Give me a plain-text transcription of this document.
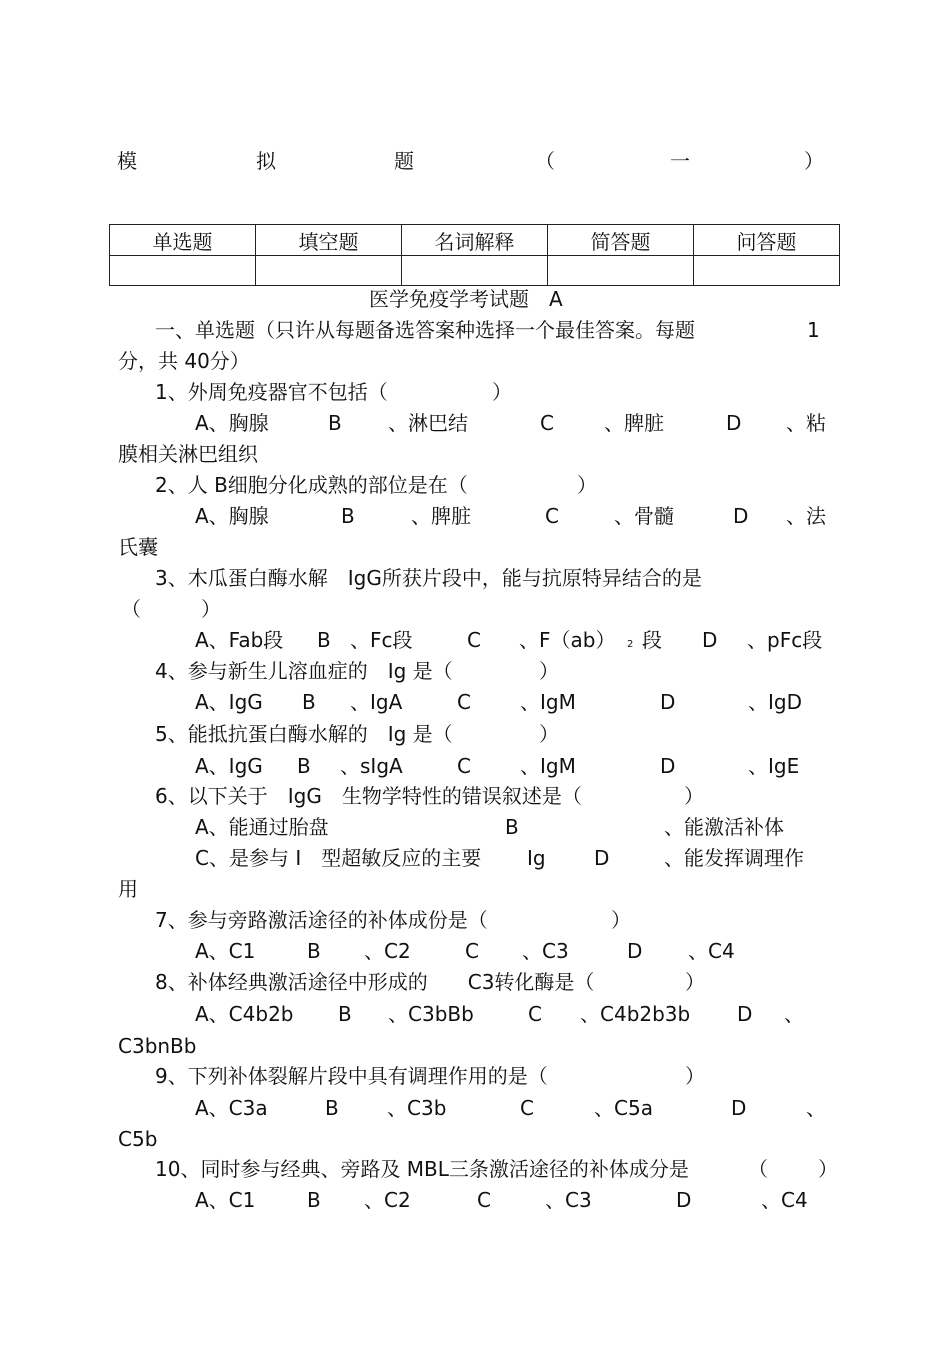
模	拟	题	（	一	）
单选题	填空题	名词解释	简答题	问答题

医学免疫学考试题　A
一、单选题（只许从每题备选答案种选择一个最佳答案。每题	1
分，共 40分）
1、外周免疫器官不包括（	）
A、胸腺	B 、淋巴结	C	、脾脏	D 、粘
膜相关淋巴组织
2、人 B细胞分化成熟的部位是在（	）
A、胸腺	B	、脾脏	C	、骨髓	D 、法
氏囊
3、木瓜蛋白酶水解　IgG所获片段中，能与抗原特异结合的是
（　　　）
A、Fab段 B 、Fc段	C 、F（ab） 2 段 D 、pFc段
4、参与新生儿溶血症的　Ig 是（	）
A、IgG B 、IgA	C 、IgM	D	、IgD
5、能抵抗蛋白酶水解的　Ig 是（	）
A、IgG B 、sIgA	C 、IgM	D	、IgE
6、以下关于　IgG　生物学特性的错误叙述是（	）
A、能通过胎盘	B	、能激活补体
C、是参与 I　型超敏反应的主要 Ig D	、能发挥调理作
用
7、参与旁路激活途径的补体成份是（	）
A、C1	B 、C2	C 、C3	D 、C4
8、补体经典激活途径中形成的　　C3转化酶是（	）
A、C4b2b B 、C3bBb	C 、C4b2b3b D 、
C3bnBb
9、下列补体裂解片段中具有调理作用的是（	）
A、C3a	B 、C3b	C	、C5a	D	、
C5b
10、同时参与经典、旁路及 MBL三条激活途径的补体成分是	（	）
A、C1	B 、C2	C	、C3	D	、C4
